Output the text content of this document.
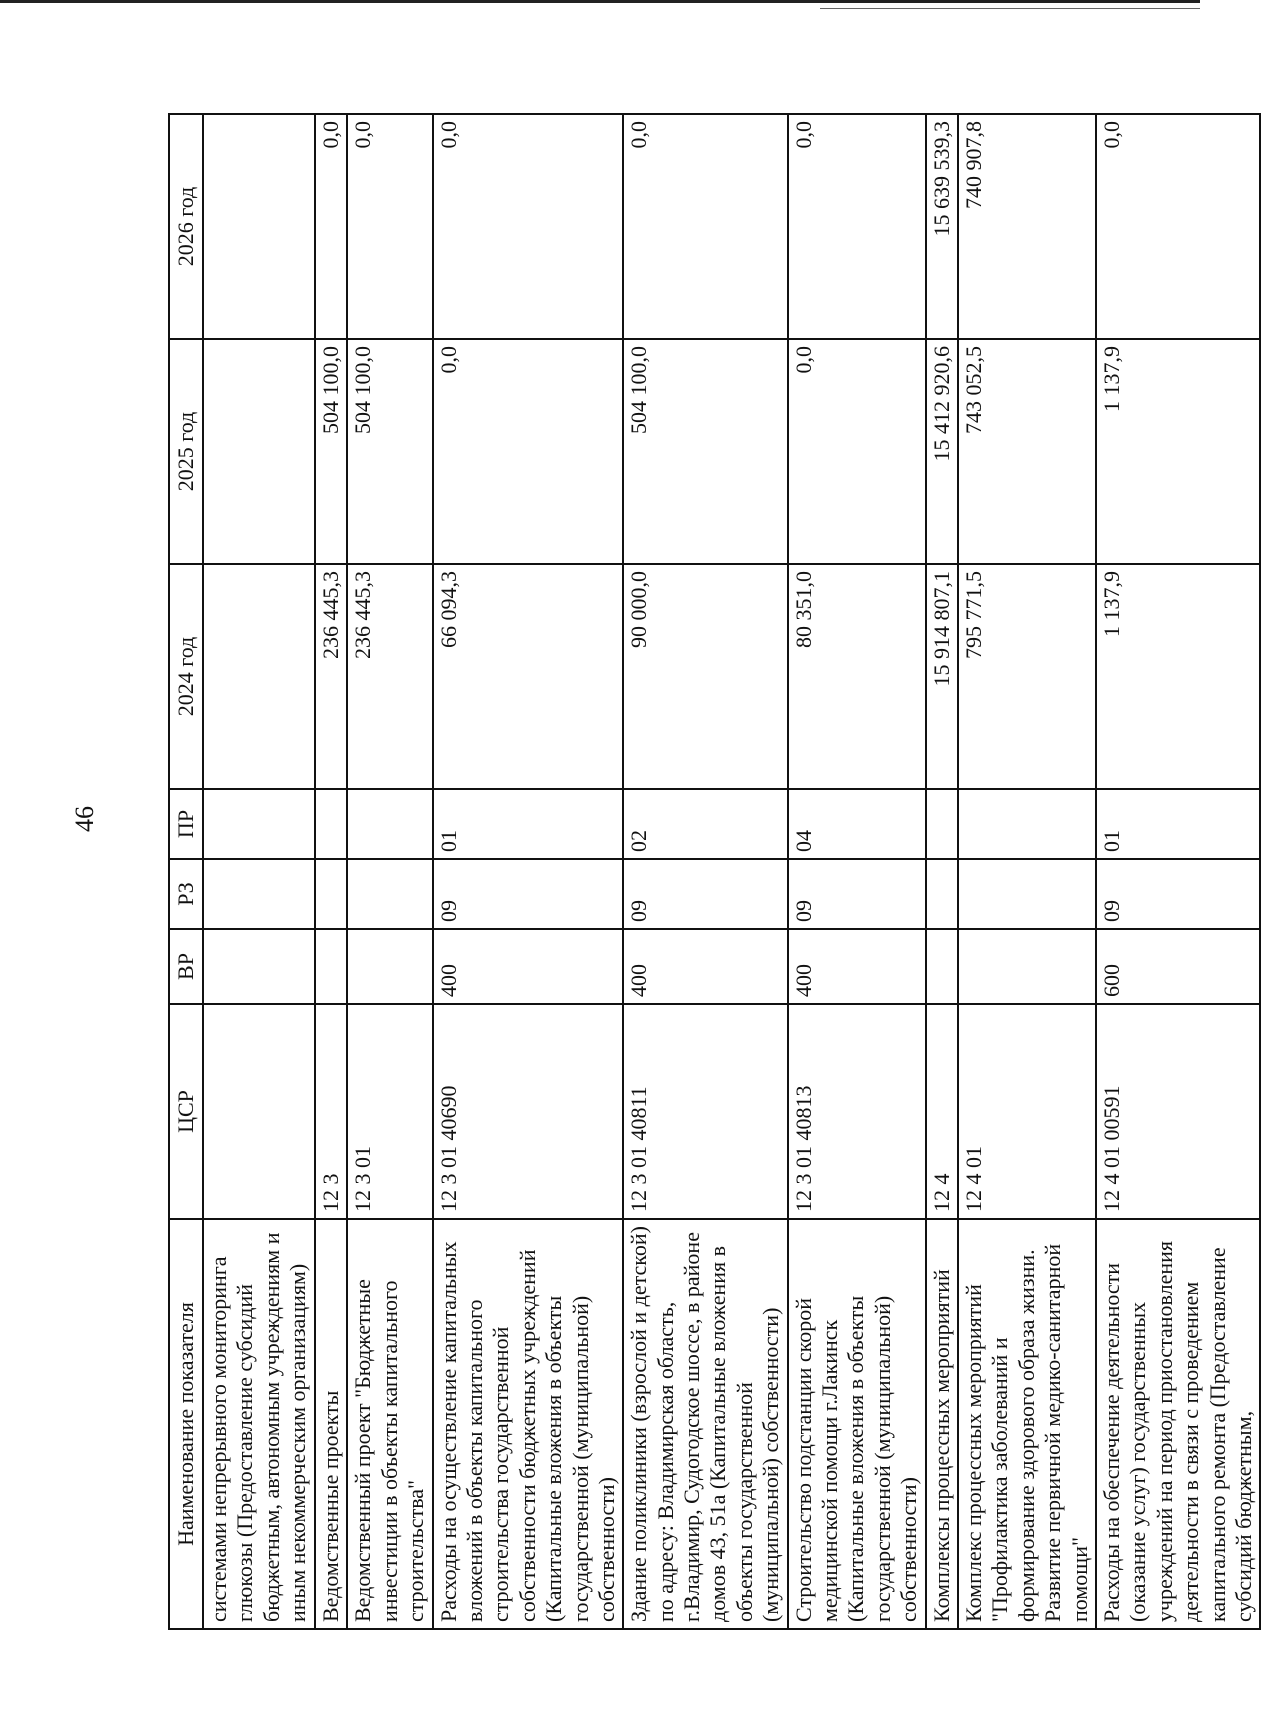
46
Наименование показателя	ЦСР	ВР	РЗ	ПР	2024 год	2025 год	2026 год
системами непрерывного мониторинга глюкозы (Предоставление субсидий бюджетным, автономным учреждениям и иным некоммерческим организациям)							
Ведомственные проекты	12 3				236 445,3	504 100,0	0,0
Ведомственный проект "Бюджетные инвестиции в объекты капитального строительства"	12 3 01				236 445,3	504 100,0	0,0
Расходы на осуществление капитальных вложений в объекты капитального строительства государственной собственности бюджетных учреждений (Капитальные вложения в объекты государственной (муниципальной) собственности)	12 3 01 40690	400	09	01	66 094,3	0,0	0,0
Здание поликлиники (взрослой и детской) по адресу: Владимирская область, г.Владимир, Судогодское шоссе, в районе домов 43, 51а (Капитальные вложения в объекты государственной (муниципальной) собственности)	12 3 01 40811	400	09	02	90 000,0	504 100,0	0,0
Строительство подстанции скорой медицинской помощи г.Лакинск (Капитальные вложения в объекты государственной (муниципальной) собственности)	12 3 01 40813	400	09	04	80 351,0	0,0	0,0
Комплексы процессных мероприятий	12 4				15 914 807,1	15 412 920,6	15 639 539,3
Комплекс процессных мероприятий "Профилактика заболеваний и формирование здорового образа жизни. Развитие первичной медико-санитарной помощи"	12 4 01				795 771,5	743 052,5	740 907,8
Расходы на обеспечение деятельности (оказание услуг) государственных учреждений на период приостановления деятельности в связи с проведением капитального ремонта (Предоставление субсидий бюджетным,	12 4 01 00591	600	09	01	1 137,9	1 137,9	0,0
